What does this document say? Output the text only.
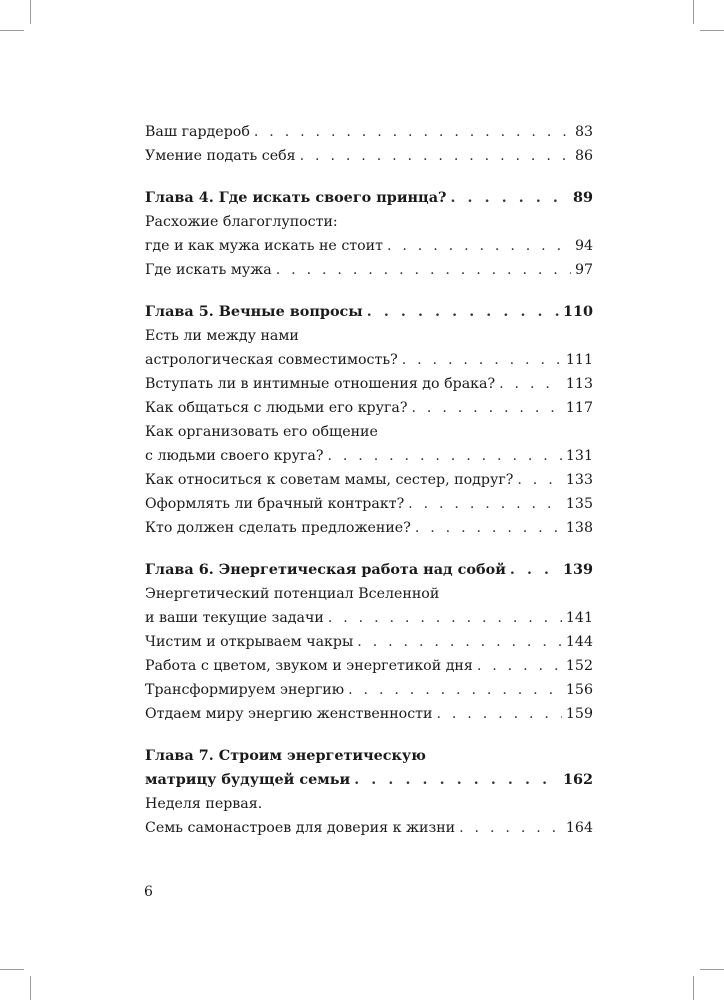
Ваш гардероб . . .	83
Умение подать себя . . .	86
Глава 4. Где искать своего принца? . . .	89
Расхожие благоглупости:
где и как мужа искать не стоит . . .	94
Где искать мужа . . .	97
Глава 5. Вечные вопросы . . .	110
Есть ли между нами
астрологическая совместимость? . . .	111
Вступать ли в интимные отношения до брака? . . .	113
Как общаться с людьми его круга? . . .	117
Как организовать его общение
с людьми своего круга? . . .	131
Как относиться к советам мамы, сестер, подруг? . . .	133
Оформлять ли брачный контракт? . . .	135
Кто должен сделать предложение? . . .	138
Глава 6. Энергетическая работа над собой . . .	139
Энергетический потенциал Вселенной
и ваши текущие задачи . . .	141
Чистим и открываем чакры . . .	144
Работа с цветом, звуком и энергетикой дня . . .	152
Трансформируем энергию . . .	156
Отдаем миру энергию женственности . . .	159
Глава 7. Строим энергетическую
матрицу будущей семьи . . .	162
Неделя первая.
Семь самонастроев для доверия к жизни . . .	164
6
